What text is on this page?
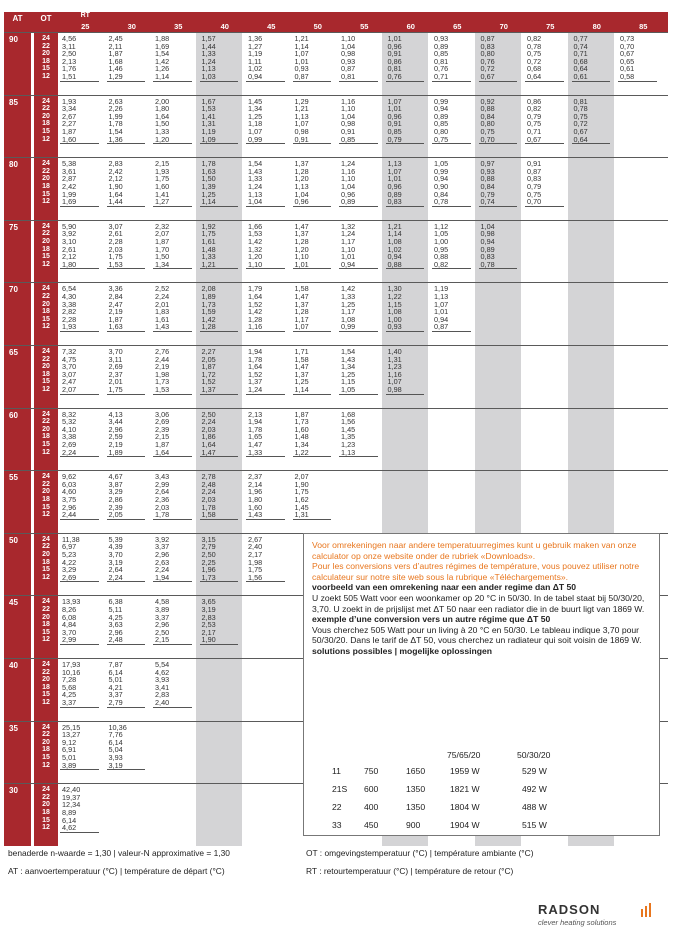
AT	OT	RT
25	30	35	40	45	50	55	60	65	70	75	80	85
90	24	4,56	2,45	1,88	1,57	1,36	1,21	1,10	1,01	0,93	0,87	0,82	0,77	0,73
22	3,11	2,11	1,69	1,44	1,27	1,14	1,04	0,96	0,89	0,83	0,78	0,74	0,70
20	2,50	1,87	1,54	1,33	1,19	1,07	0,98	0,91	0,85	0,80	0,75	0,71	0,67
18	2,13	1,68	1,42	1,24	1,11	1,01	0,93	0,86	0,81	0,76	0,72	0,68	0,65
15	1,76	1,46	1,26	1,13	1,02	0,93	0,87	0,81	0,76	0,72	0,68	0,64	0,61
12	1,51	1,29	1,14	1,03	0,94	0,87	0,81	0,76	0,71	0,67	0,64	0,61	0,58
85	24	1,93	2,63	2,00	1,67	1,45	1,29	1,16	1,07	0,99	0,92	0,86	0,81
22	3,34	2,26	1,80	1,53	1,34	1,21	1,10	1,01	0,94	0,88	0,82	0,78
20	2,67	1,99	1,64	1,41	1,25	1,13	1,04	0,96	0,89	0,84	0,79	0,75
18	2,27	1,78	1,50	1,31	1,18	1,07	0,98	0,91	0,85	0,80	0,75	0,72
15	1,87	1,54	1,33	1,19	1,07	0,98	0,91	0,85	0,80	0,75	0,71	0,67
12	1,60	1,36	1,20	1,09	0,99	0,91	0,85	0,79	0,75	0,70	0,67	0,64
80	24	5,38	2,83	2,15	1,78	1,54	1,37	1,24	1,13	1,05	0,97	0,91
22	3,61	2,42	1,93	1,63	1,43	1,28	1,16	1,07	0,99	0,93	0,87
20	2,87	2,12	1,75	1,50	1,33	1,20	1,10	1,01	0,94	0,88	0,83
18	2,42	1,90	1,60	1,39	1,24	1,13	1,04	0,96	0,90	0,84	0,79
15	1,99	1,64	1,41	1,25	1,13	1,04	0,96	0,89	0,84	0,79	0,75
12	1,69	1,44	1,27	1,14	1,04	0,96	0,89	0,83	0,78	0,74	0,70
75	24	5,90	3,07	2,32	1,92	1,66	1,47	1,32	1,21	1,12	1,04
22	3,92	2,61	2,07	1,75	1,53	1,37	1,24	1,14	1,05	0,98
20	3,10	2,28	1,87	1,61	1,42	1,28	1,17	1,08	1,00	0,94
18	2,61	2,03	1,70	1,48	1,32	1,20	1,10	1,02	0,95	0,89
15	2,12	1,75	1,50	1,33	1,20	1,10	1,01	0,94	0,88	0,83
12	1,80	1,53	1,34	1,21	1,10	1,01	0,94	0,88	0,82	0,78
70	24	6,54	3,36	2,52	2,08	1,79	1,58	1,42	1,30	1,19
22	4,30	2,84	2,24	1,89	1,64	1,47	1,33	1,22	1,13
20	3,38	2,47	2,01	1,73	1,52	1,37	1,25	1,15	1,07
18	2,82	2,19	1,83	1,59	1,42	1,28	1,17	1,08	1,01
15	2,28	1,87	1,61	1,42	1,28	1,17	1,08	1,00	0,94
12	1,93	1,63	1,43	1,28	1,16	1,07	0,99	0,93	0,87
65	24	7,32	3,70	2,76	2,27	1,94	1,71	1,54	1,40
22	4,75	3,11	2,44	2,05	1,78	1,58	1,43	1,31
20	3,70	2,69	2,19	1,87	1,64	1,47	1,34	1,23
18	3,07	2,37	1,98	1,72	1,52	1,37	1,25	1,16
15	2,47	2,01	1,73	1,52	1,37	1,25	1,15	1,07
12	2,07	1,75	1,53	1,37	1,24	1,14	1,05	0,98
60	24	8,32	4,13	3,06	2,50	2,13	1,87	1,68
22	5,32	3,44	2,69	2,24	1,94	1,73	1,56
20	4,10	2,96	2,39	2,03	1,78	1,60	1,45
18	3,38	2,59	2,15	1,86	1,65	1,48	1,35
15	2,69	2,19	1,87	1,64	1,47	1,34	1,23
12	2,24	1,89	1,64	1,47	1,33	1,22	1,13
55	24	9,62	4,67	3,43	2,78	2,37	2,07
22	6,03	3,87	2,99	2,48	2,14	1,90
20	4,60	3,29	2,64	2,24	1,96	1,75
18	3,75	2,86	2,36	2,03	1,80	1,62
15	2,96	2,39	2,03	1,78	1,60	1,45
12	2,44	2,05	1,78	1,58	1,43	1,31
50	24	11,38	5,39	3,92	3,15	2,67
22	6,97	4,39	3,37	2,79	2,40
20	5,23	3,70	2,96	2,50	2,17
18	4,22	3,19	2,63	2,25	1,98
15	3,29	2,64	2,24	1,96	1,75
12	2,69	2,24	1,94	1,73	1,56
45	24	13,93	6,38	4,58	3,65
22	8,26	5,11	3,89	3,19
20	6,08	4,25	3,37	2,83
18	4,84	3,63	2,96	2,53
15	3,70	2,96	2,50	2,17
12	2,99	2,48	2,15	1,90
40	24	17,93	7,87	5,54
22	10,16	6,14	4,62
20	7,28	5,01	3,93
18	5,68	4,21	3,41
15	4,25	3,37	2,83
12	3,37	2,79	2,40
35	24	25,15	10,36
22	13,27	7,76
20	9,12	6,14
18	6,91	5,04
15	5,01	3,93
12	3,89	3,19
30	24	42,40
22	19,37
20	12,34
18	8,89
15	6,14
12	4,62
Voor omrekeningen naar andere temperatuurregimes kunt u gebruik maken van onze calculator op onze website onder de rubriek «Downloads».
Pour les conversions vers d’autres régimes de température, vous pouvez utiliser notre calculateur sur notre site web sous la rubrique «Téléchargements».
voorbeeld van een omrekening naar een ander regime dan ΔT 50
U zoekt 505 Watt voor een woonkamer op 20 °C in 50/30. In de tabel staat bij 50/30/20, 3,70. U zoekt in de prijslijst met ΔT 50 naar een radiator die in de buurt ligt van 1869 W.
exemple d’une conversion vers un autre régime que ΔT 50
Vous cherchez 505 Watt pour un living à 20 °C en 50/30. Le tableau indique 3,70 pour 50/30/20. Dans le tarif de ΔT 50, vous cherchez un radiateur qui soit voisin de 1869 W.
solutions possibles | mogelijke oplossingen
75/65/20	50/30/20
11	750	1650	1959 W	529 W
21S 600	1350	1821 W	492 W
22	400	1350	1804 W	488 W
33	450	900	1904 W	515 W
benaderde n-waarde = 1,30 | valeur-N approximative = 1,30	OT : omgevingstemperatuur (°C) | température ambiante (°C)
AT : aanvoertemperatuur (°C) | température de départ (°C)	RT : retourtemperatuur (°C) | température de retour (°C)
RADSON
clever heating solutions
